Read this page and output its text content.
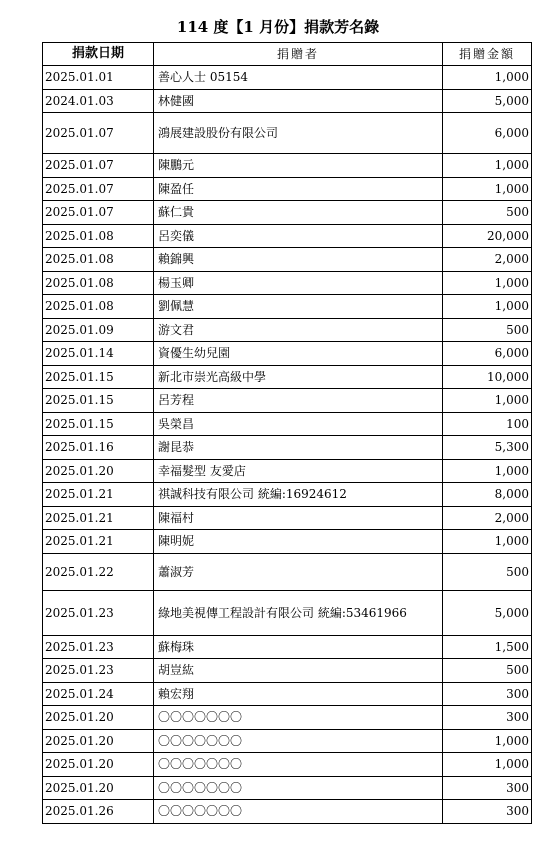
114 度【1 月份】捐款芳名錄
捐款日期	捐贈者	捐贈金額
2025.01.01	善心人士 05154	1,000
2024.01.03	林健國	5,000
2025.01.07	鴻展建設股份有限公司	6,000
2025.01.07	陳鵬元	1,000
2025.01.07	陳盈任	1,000
2025.01.07	蘇仁貴	500
2025.01.08	呂奕儀	20,000
2025.01.08	賴錦興	2,000
2025.01.08	楊玉卿	1,000
2025.01.08	劉佩慧	1,000
2025.01.09	游文君	500
2025.01.14	資優生幼兒園	6,000
2025.01.15	新北市崇光高級中學	10,000
2025.01.15	呂芳程	1,000
2025.01.15	吳榮昌	100
2025.01.16	謝昆恭	5,300
2025.01.20	幸福髮型 友愛店	1,000
2025.01.21	祺誠科技有限公司 統編:16924612	8,000
2025.01.21	陳福村	2,000
2025.01.21	陳明妮	1,000
2025.01.22	蕭淑芳	500
2025.01.23	綠地美視傳工程設計有限公司 統編:53461966	5,000
2025.01.23	蘇梅珠	1,500
2025.01.23	胡豈紘	500
2025.01.24	賴宏翔	300
2025.01.20	〇〇〇〇〇〇〇	300
2025.01.20	〇〇〇〇〇〇〇	1,000
2025.01.20	〇〇〇〇〇〇〇	1,000
2025.01.20	〇〇〇〇〇〇〇	300
2025.01.26	〇〇〇〇〇〇〇	300
